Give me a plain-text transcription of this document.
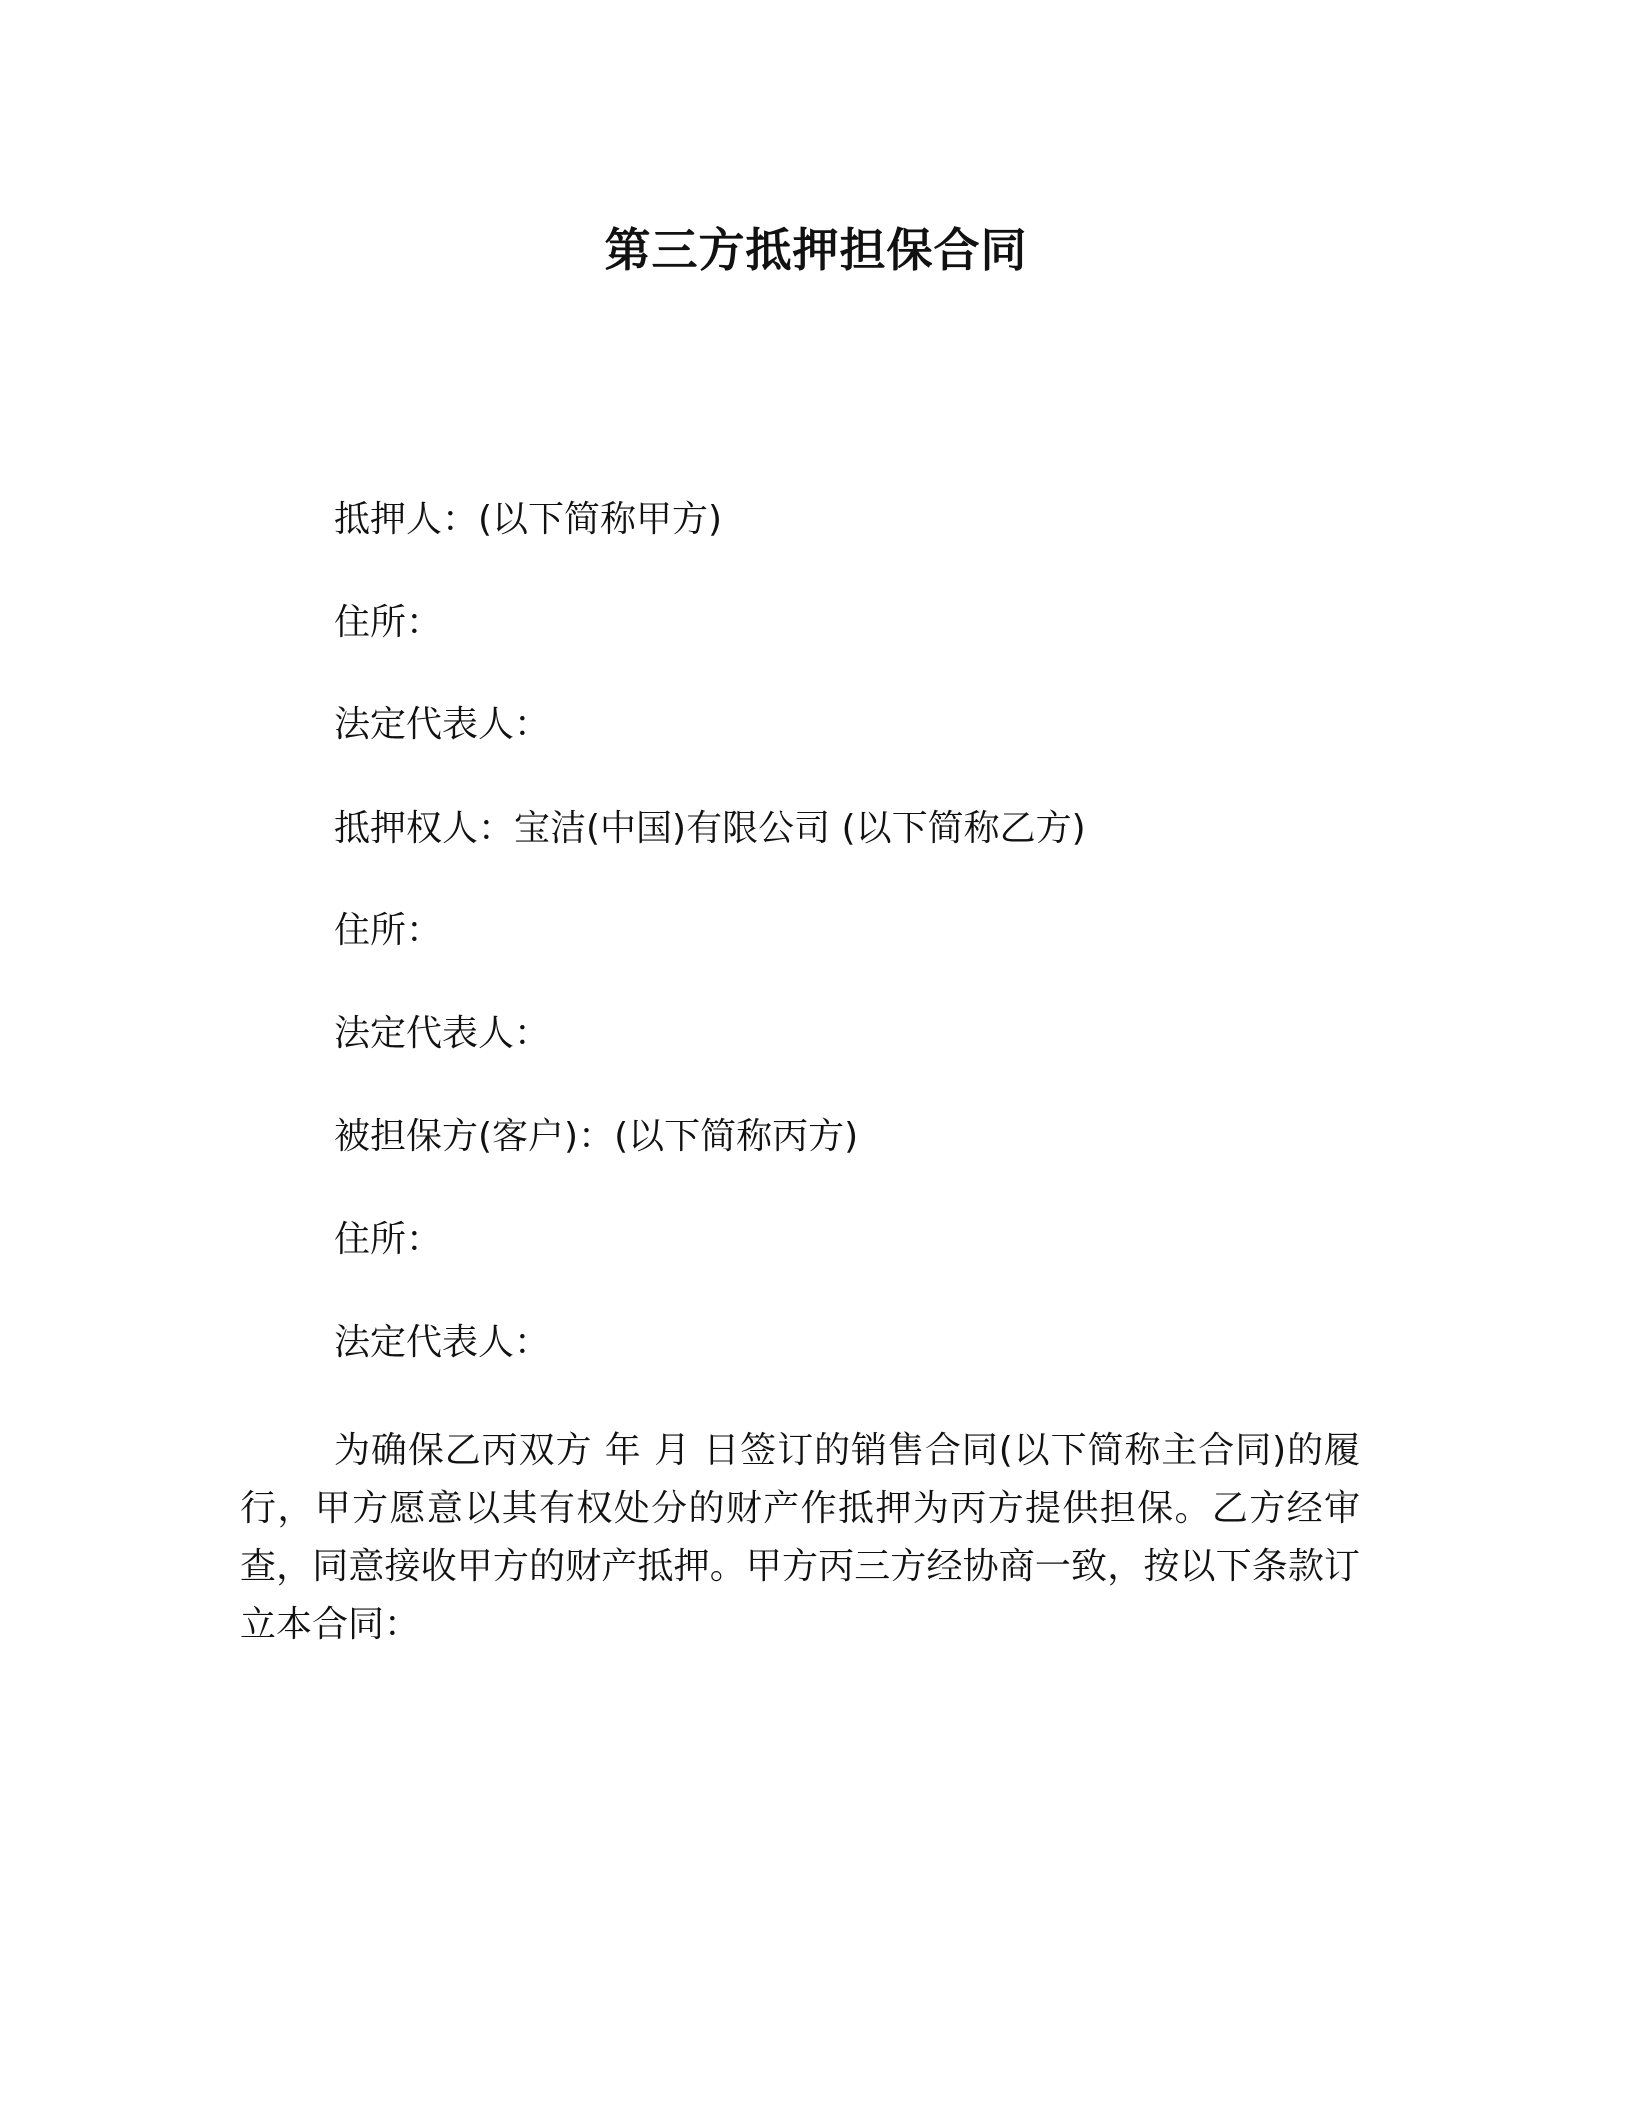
第三方抵押担保合同
抵押人：(以下简称甲方)
住所：
法定代表人：
抵押权人：宝洁(中国)有限公司 (以下简称乙方)
住所：
法定代表人：
被担保方(客户)：(以下简称丙方)
住所：
法定代表人：
为确保乙丙双方 年 月 日签订的销售合同(以下简称主合同)的履行，甲方愿意以其有权处分的财产作抵押为丙方提供担保。乙方经审查，同意接收甲方的财产抵押。甲方丙三方经协商一致，按以下条款订立本合同：
